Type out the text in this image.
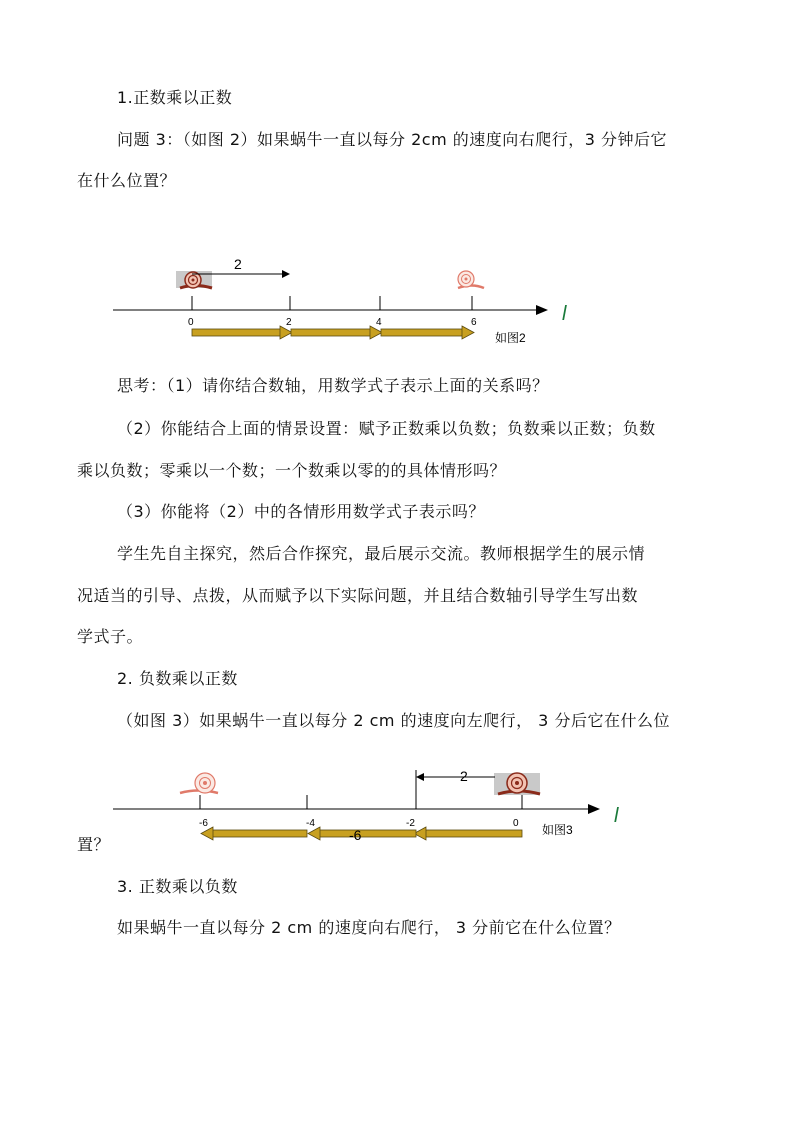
1.正数乘以正数
问题 3：（如图 2）如果蜗牛一直以每分 2cm 的速度向右爬行，3 分钟后它
在什么位置？
2
0	2	4	6	l
如图2
思考：（1）请你结合数轴，用数学式子表示上面的关系吗？
（2）你能结合上面的情景设置：赋予正数乘以负数；负数乘以正数；负数
乘以负数；零乘以一个数；一个数乘以零的的具体情形吗？
（3）你能将（2）中的各情形用数学式子表示吗？
学生先自主探究，然后合作探究，最后展示交流。教师根据学生的展示情
况适当的引导、点拨，从而赋予以下实际问题，并且结合数轴引导学生写出数
学式子。
2. 负数乘以正数
（如图 3）如果蜗牛一直以每分 2 cm 的速度向左爬行， 3 分后它在什么位
2
-6	-4	-2	0	l
-6	如图3
置？
3. 正数乘以负数
如果蜗牛一直以每分 2 cm 的速度向右爬行， 3 分前它在什么位置？
